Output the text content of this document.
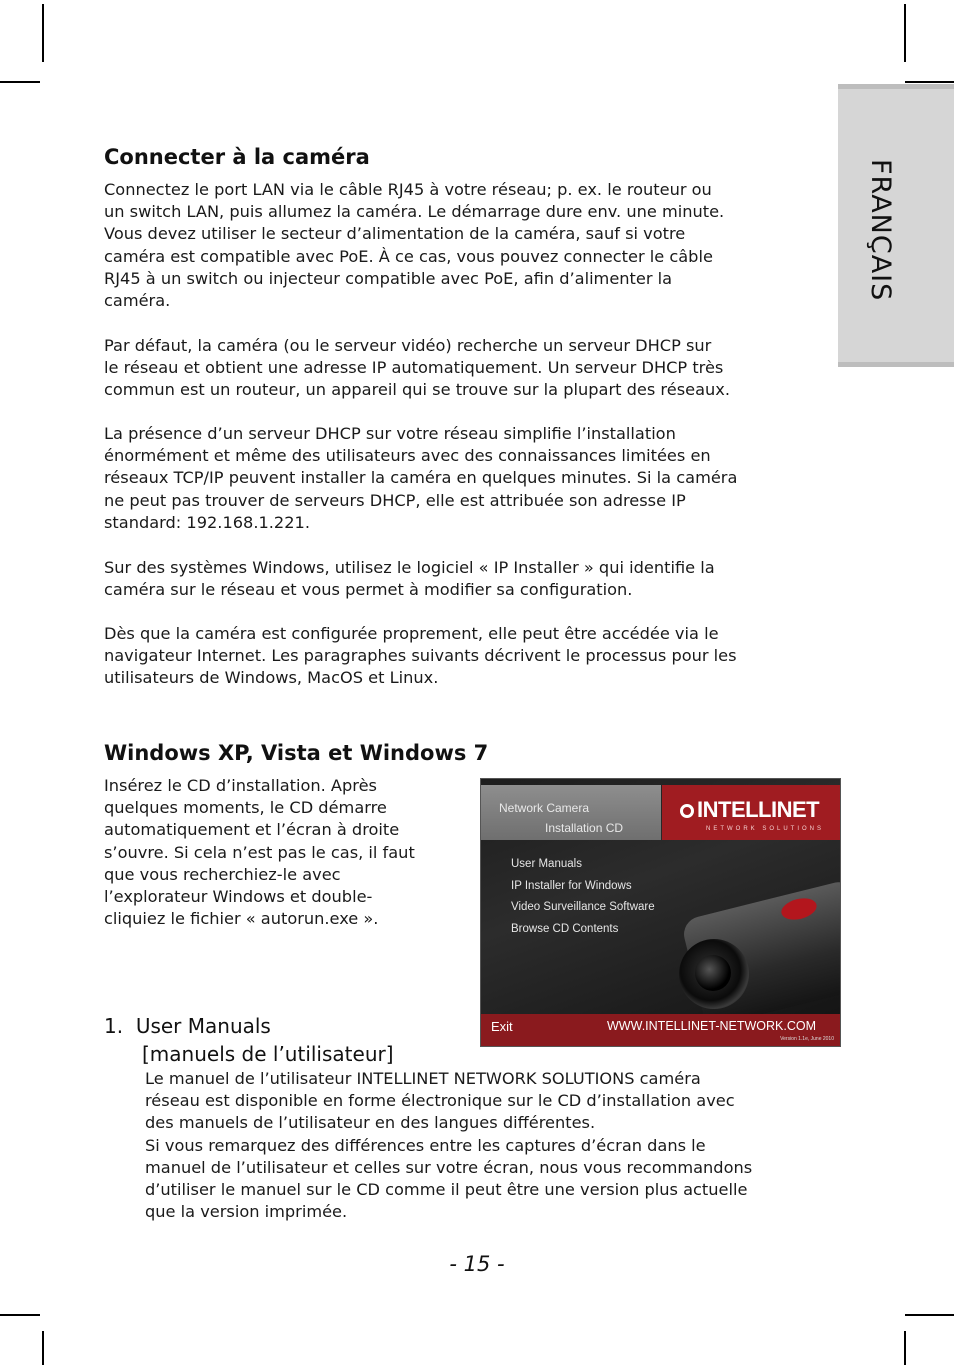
FRANÇAIS
Connecter à la caméra

Connectez le port LAN via le câble RJ45 à votre réseau; p. ex. le routeur ou
un switch LAN, puis allumez la caméra. Le démarrage dure env. une minute.
Vous devez utiliser le secteur d’alimentation de la caméra, sauf si votre
caméra est compatible avec PoE. À ce cas, vous pouvez connecter le câble
RJ45 à un switch ou injecteur compatible avec PoE, afin d’alimenter la
caméra.

Par défaut, la caméra (ou le serveur vidéo) recherche un serveur DHCP sur
le réseau et obtient une adresse IP automatiquement. Un serveur DHCP très
commun est un routeur, un appareil qui se trouve sur la plupart des réseaux.

La présence d’un serveur DHCP sur votre réseau simplifie l’installation
énormément et même des utilisateurs avec des connaissances limitées en
réseaux TCP/IP peuvent installer la caméra en quelques minutes. Si la caméra
ne peut pas trouver de serveurs DHCP, elle est attribuée son adresse IP
standard: 192.168.1.221.

Sur des systèmes Windows, utilisez le logiciel « IP Installer » qui identifie la
caméra sur le réseau et vous permet à modifier sa configuration.

Dès que la caméra est configurée proprement, elle peut être accédée via le
navigateur Internet. Les paragraphes suivants décrivent le processus pour les
utilisateurs de Windows, MacOS et Linux.

Windows XP, Vista et Windows 7

Insérez le CD d’installation. Après
quelques moments, le CD démarre
automatiquement et l’écran à droite
s’ouvre. Si cela n’est pas le cas, il faut
que vous recherchiez-le avec
l’explorateur Windows et double-
cliquiez le fichier « autorun.exe ».

Network Camera
Installation CD
INTELLINET
NETWORK SOLUTIONS
User Manuals
IP Installer for Windows
Video Surveillance Software
Browse CD Contents
Exit	WWW.INTELLINET-NETWORK.COM
Version 1.1e, June 2010
1. User Manuals
[manuels de l’utilisateur]

Le manuel de l’utilisateur INTELLINET NETWORK SOLUTIONS caméra
réseau est disponible en forme électronique sur le CD d’installation avec
des manuels de l’utilisateur en des langues différentes.
Si vous remarquez des différences entre les captures d’écran dans le
manuel de l’utilisateur et celles sur votre écran, nous vous recommandons
d’utiliser le manuel sur le CD comme il peut être une version plus actuelle
que la version imprimée.

- 15 -
